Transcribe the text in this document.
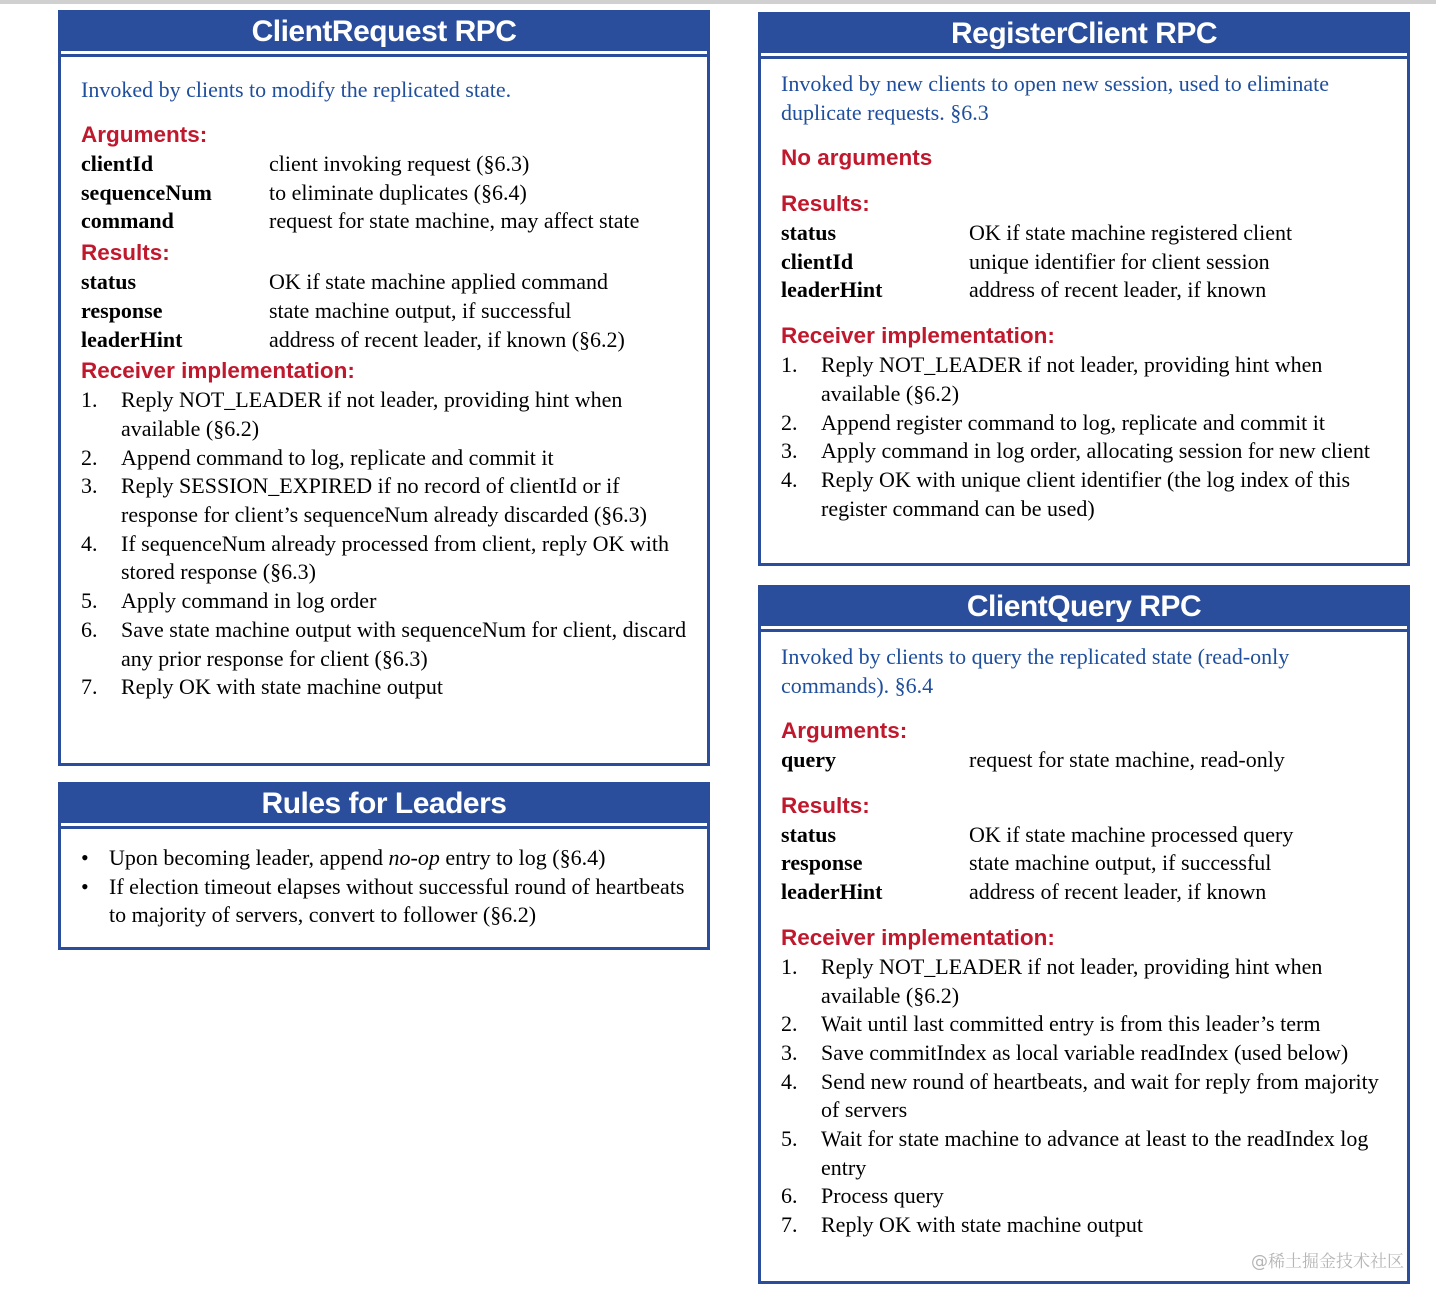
ClientRequest RPC
Invoked by clients to modify the replicated state.
Arguments:
clientId	client invoking request (§6.3)
sequenceNum	to eliminate duplicates (§6.4)
command	request for state machine, may affect state
Results:
status	OK if state machine applied command
response	state machine output, if successful
leaderHint	address of recent leader, if known (§6.2)
Receiver implementation:
1.	Reply NOT_LEADER if not leader, providing hint when available (§6.2)
2.	Append command to log, replicate and commit it
3.	Reply SESSION_EXPIRED if no record of clientId or if response for client’s sequenceNum already discarded (§6.3)
4.	If sequenceNum already processed from client, reply OK with stored response (§6.3)
5.	Apply command in log order
6.	Save state machine output with sequenceNum for client, discard any prior response for client (§6.3)
7.	Reply OK with state machine output
Rules for Leaders
• Upon becoming leader, append no-op entry to log (§6.4)
• If election timeout elapses without successful round of heartbeats to majority of servers, convert to follower (§6.2)
RegisterClient RPC
Invoked by new clients to open new session, used to eliminate duplicate requests. §6.3
No arguments
Results:
status	OK if state machine registered client
clientId	unique identifier for client session
leaderHint	address of recent leader, if known
Receiver implementation:
1.	Reply NOT_LEADER if not leader, providing hint when available (§6.2)
2.	Append register command to log, replicate and commit it
3.	Apply command in log order, allocating session for new client
4.	Reply OK with unique client identifier (the log index of this register command can be used)
ClientQuery RPC
Invoked by clients to query the replicated state (read-only commands). §6.4
Arguments:
query	request for state machine, read-only
Results:
status	OK if state machine processed query
response	state machine output, if successful
leaderHint	address of recent leader, if known
Receiver implementation:
1.	Reply NOT_LEADER if not leader, providing hint when available (§6.2)
2.	Wait until last committed entry is from this leader’s term
3.	Save commitIndex as local variable readIndex (used below)
4.	Send new round of heartbeats, and wait for reply from majority of servers
5.	Wait for state machine to advance at least to the readIndex log entry
6.	Process query
7.	Reply OK with state machine output
@稀土掘金技术社区
